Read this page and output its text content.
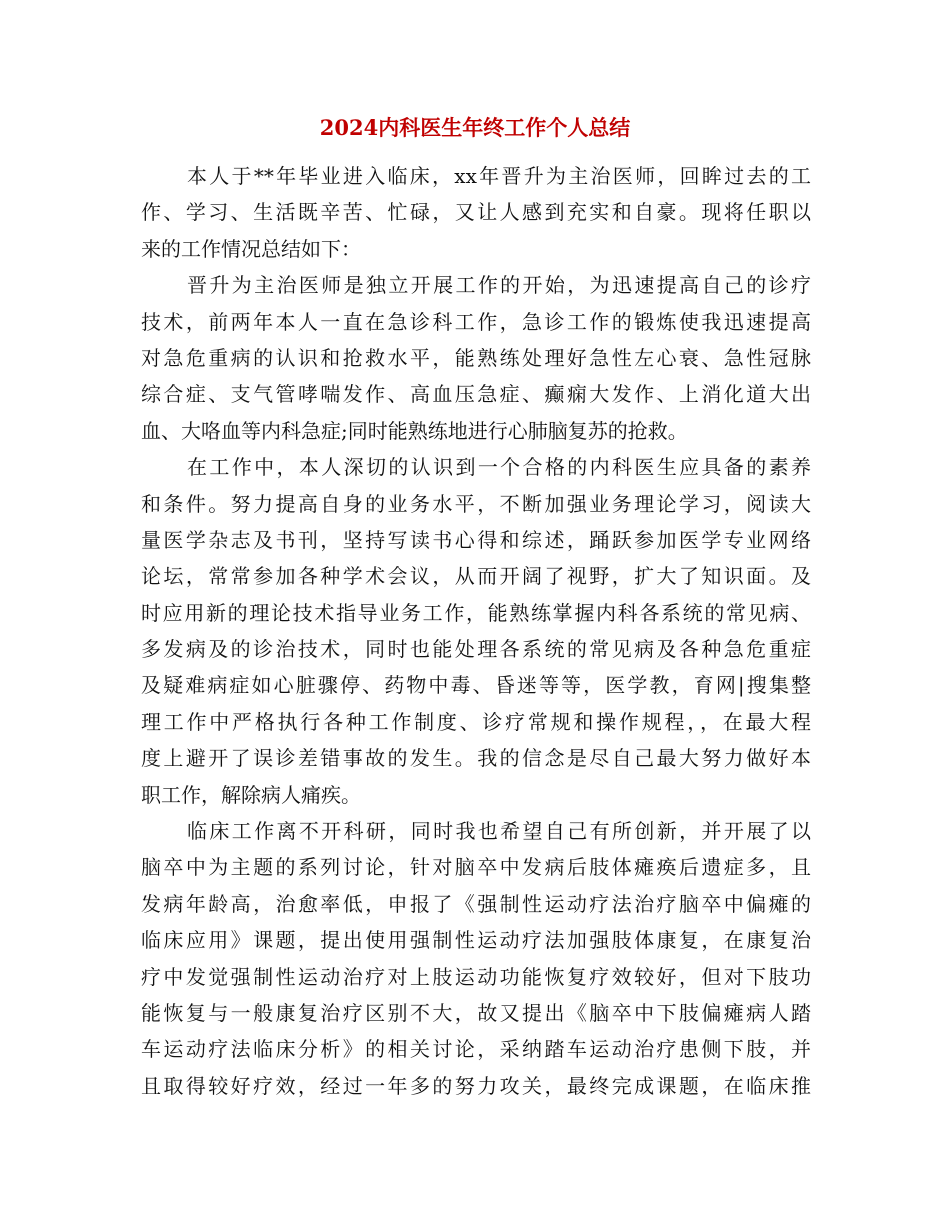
2024内科医生年终工作个人总结
本人于**年毕业进入临床，xx年晋升为主治医师，回眸过去的工
作、学习、生活既辛苦、忙碌，又让人感到充实和自豪。现将任职以
来的工作情况总结如下：
晋升为主治医师是独立开展工作的开始，为迅速提高自己的诊疗
技术，前两年本人一直在急诊科工作，急诊工作的锻炼使我迅速提高
对急危重病的认识和抢救水平，能熟练处理好急性左心衰、急性冠脉
综合症、支气管哮喘发作、高血压急症、癫痫大发作、上消化道大出
血、大咯血等内科急症;同时能熟练地进行心肺脑复苏的抢救。
在工作中，本人深切的认识到一个合格的内科医生应具备的素养
和条件。努力提高自身的业务水平，不断加强业务理论学习，阅读大
量医学杂志及书刊，坚持写读书心得和综述，踊跃参加医学专业网络
论坛，常常参加各种学术会议，从而开阔了视野，扩大了知识面。及
时应用新的理论技术指导业务工作，能熟练掌握内科各系统的常见病、
多发病及的诊治技术，同时也能处理各系统的常见病及各种急危重症
及疑难病症如心脏骤停、药物中毒、昏迷等等，医学教，育网|搜集整
理工作中严格执行各种工作制度、诊疗常规和操作规程，，在最大程
度上避开了误诊差错事故的发生。我的信念是尽自己最大努力做好本
职工作，解除病人痛疾。
临床工作离不开科研，同时我也希望自己有所创新，并开展了以
脑卒中为主题的系列讨论，针对脑卒中发病后肢体瘫痪后遗症多，且
发病年龄高，治愈率低，申报了《强制性运动疗法治疗脑卒中偏瘫的
临床应用》课题，提出使用强制性运动疗法加强肢体康复，在康复治
疗中发觉强制性运动治疗对上肢运动功能恢复疗效较好，但对下肢功
能恢复与一般康复治疗区别不大，故又提出《脑卒中下肢偏瘫病人踏
车运动疗法临床分析》的相关讨论，采纳踏车运动治疗患侧下肢，并
且取得较好疗效，经过一年多的努力攻关，最终完成课题，在临床推
